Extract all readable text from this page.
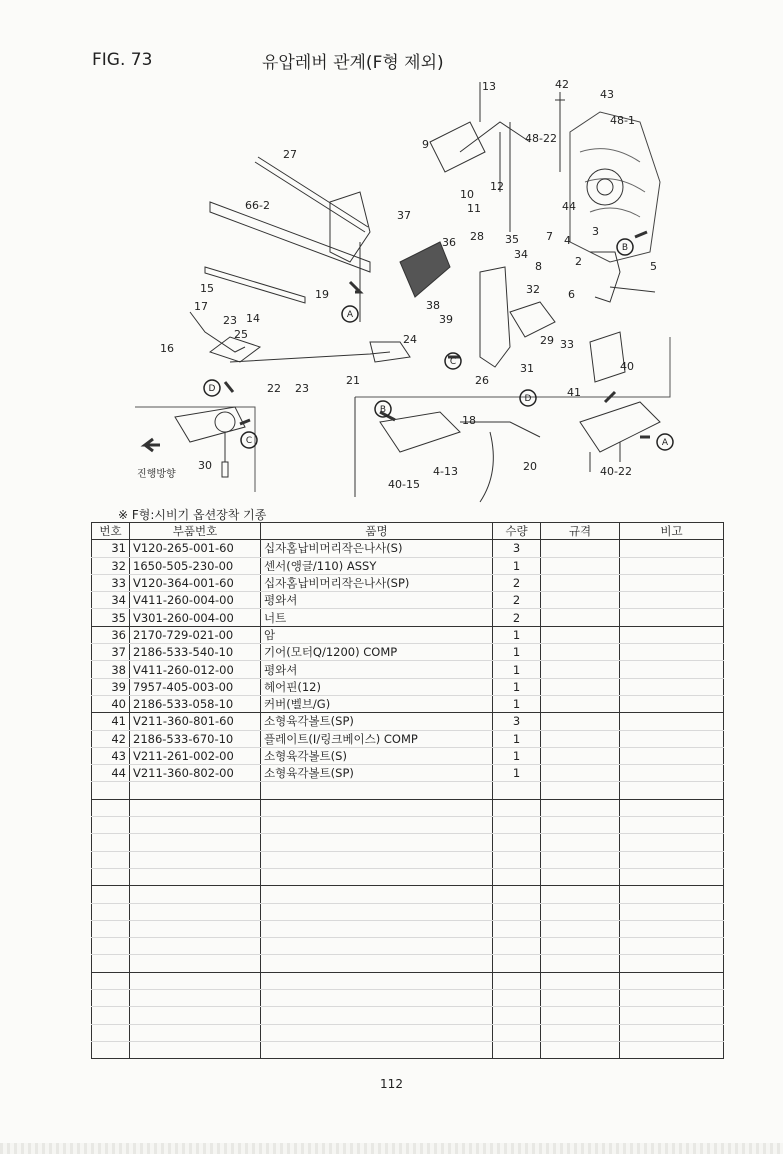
FIG. 73	유압레버 관계(F형 제외)
A
B
C
D
C
B
D
A
13	42
43
48-1
9	48-22
12
10
11	44
27
66-2
37
36 28 35
34
7 4
3
2	5
8
6
32
15	19
17
23 14
25
16
24
38
39
29 33
31
26
40
22 23
21
41
18
20
30	4-13
40-15
40-22
진행방향
※ F형:시비기 옵션장착 기종
번호	부품번호	품명	수량	규격	비고
31	V120-265-001-60	십자홈납비머리작은나사(S)	3		
32	1650-505-230-00	센서(앵글/110) ASSY	1		
33	V120-364-001-60	십자홈납비머리작은나사(SP)	2		
34	V411-260-004-00	평와셔	2		
35	V301-260-004-00	너트	2		
36	2170-729-021-00	암	1		
37	2186-533-540-10	기어(모터Q/1200) COMP	1		
38	V411-260-012-00	평와셔	1		
39	7957-405-003-00	헤어핀(12)	1		
40	2186-533-058-10	커버(벨브/G)	1		
41	V211-360-801-60	소형육각볼트(SP)	3		
42	2186-533-670-10	플레이트(I/링크베이스) COMP	1		
43	V211-261-002-00	소형육각볼트(S)	1		
44	V211-360-802-00	소형육각볼트(SP)	1		

112
